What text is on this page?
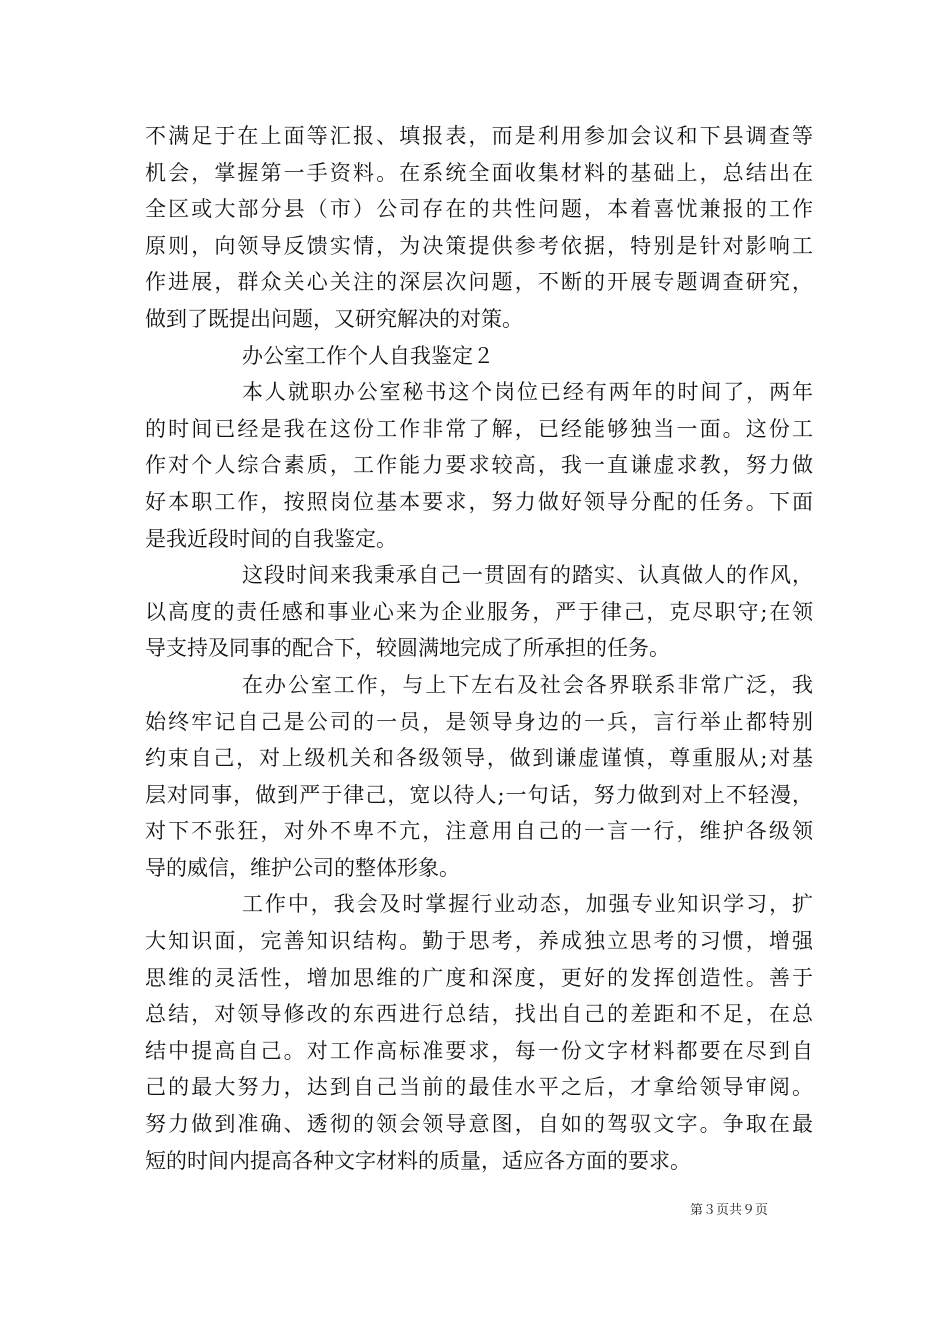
不满足于在上面等汇报、填报表，而是利用参加会议和下县调查等
机会，掌握第一手资料。在系统全面收集材料的基础上，总结出在
全区或大部分县（市）公司存在的共性问题，本着喜忧兼报的工作
原则，向领导反馈实情，为决策提供参考依据，特别是针对影响工
作进展，群众关心关注的深层次问题，不断的开展专题调查研究，
做到了既提出问题，又研究解决的对策。
办公室工作个人自我鉴定２
本人就职办公室秘书这个岗位已经有两年的时间了，两年
的时间已经是我在这份工作非常了解，已经能够独当一面。这份工
作对个人综合素质，工作能力要求较高，我一直谦虚求教，努力做
好本职工作，按照岗位基本要求，努力做好领导分配的任务。下面
是我近段时间的自我鉴定。
这段时间来我秉承自己一贯固有的踏实、认真做人的作风，
以高度的责任感和事业心来为企业服务，严于律己，克尽职守;在领
导支持及同事的配合下，较圆满地完成了所承担的任务。
在办公室工作，与上下左右及社会各界联系非常广泛，我
始终牢记自己是公司的一员，是领导身边的一兵，言行举止都特别
约束自己，对上级机关和各级领导，做到谦虚谨慎，尊重服从;对基
层对同事，做到严于律己，宽以待人;一句话，努力做到对上不轻漫，
对下不张狂，对外不卑不亢，注意用自己的一言一行，维护各级领
导的威信，维护公司的整体形象。
工作中，我会及时掌握行业动态，加强专业知识学习，扩
大知识面，完善知识结构。勤于思考，养成独立思考的习惯，增强
思维的灵活性，增加思维的广度和深度，更好的发挥创造性。善于
总结，对领导修改的东西进行总结，找出自己的差距和不足，在总
结中提高自己。对工作高标准要求，每一份文字材料都要在尽到自
己的最大努力，达到自己当前的最佳水平之后，才拿给领导审阅。
努力做到准确、透彻的领会领导意图，自如的驾驭文字。争取在最
短的时间内提高各种文字材料的质量，适应各方面的要求。
第３页共９页
